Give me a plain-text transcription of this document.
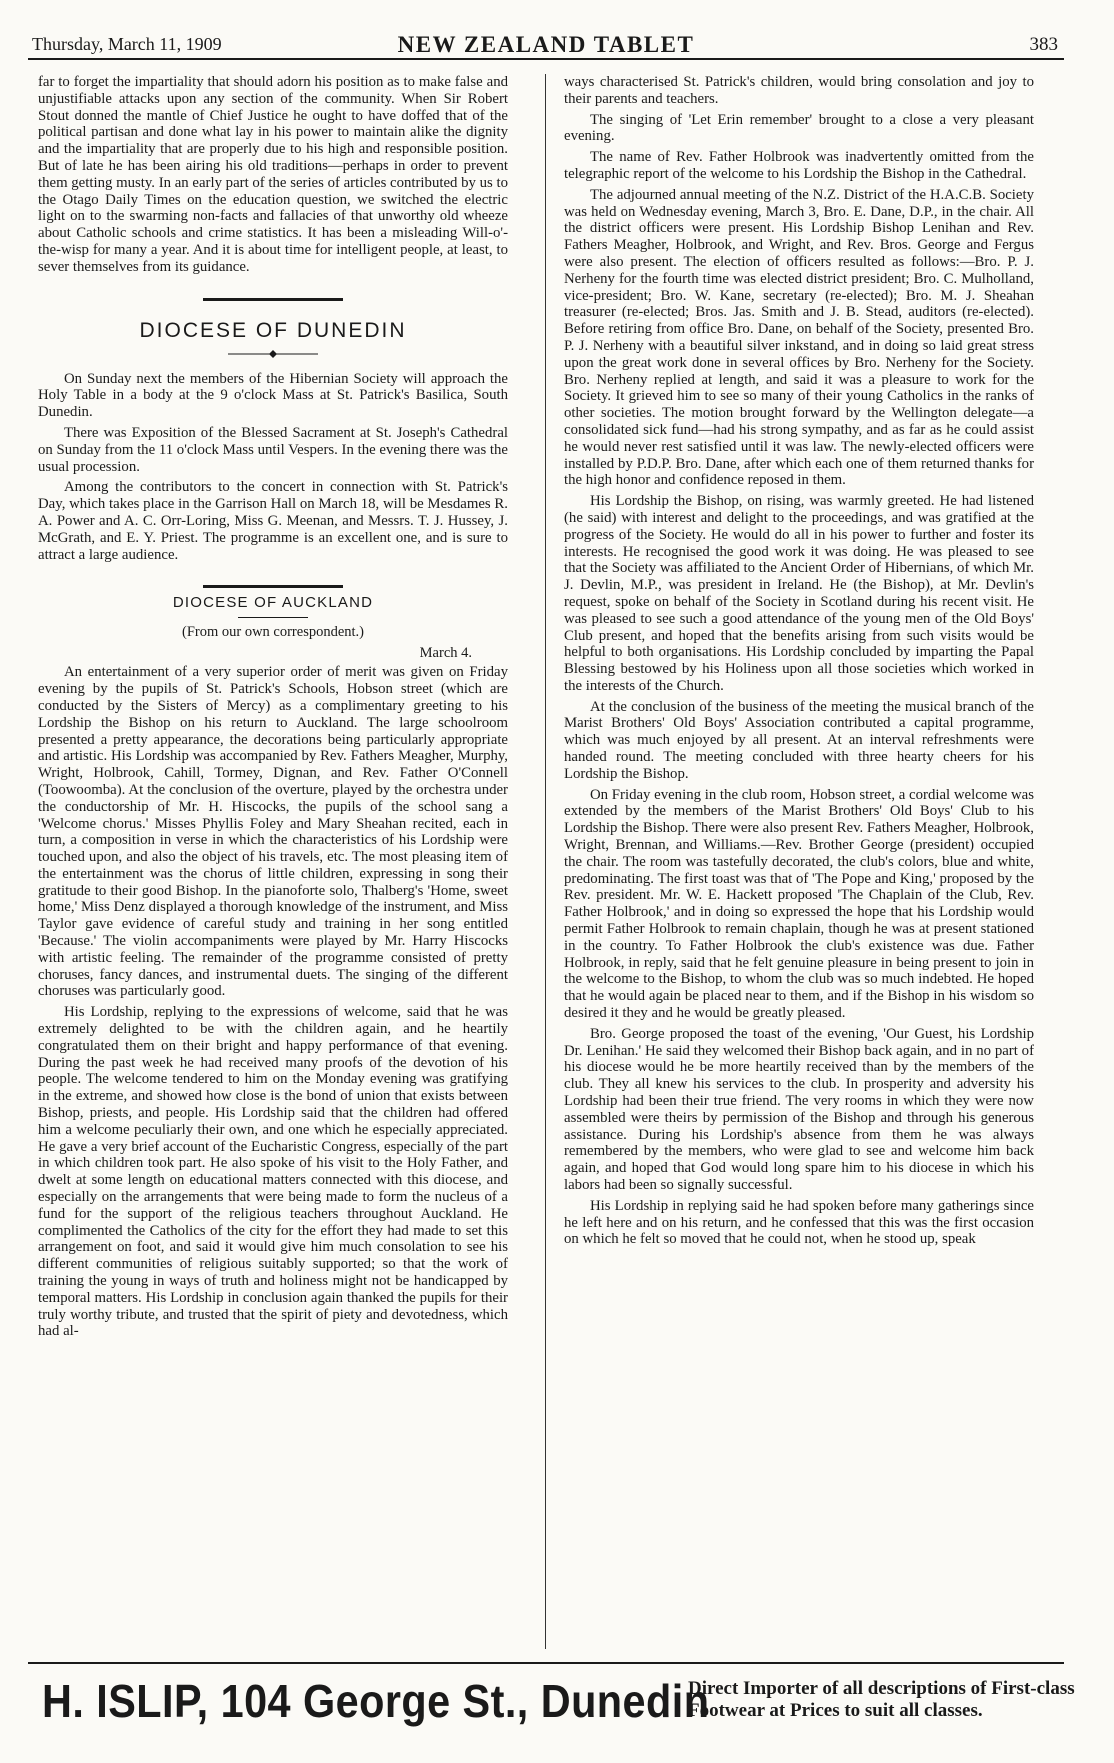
Thursday, March 11, 1909	NEW ZEALAND TABLET	383

far to forget the impartiality that should adorn his position as to make false and unjustifiable attacks upon any section of the community. When Sir Robert Stout donned the mantle of Chief Justice he ought to have doffed that of the political partisan and done what lay in his power to maintain alike the dignity and the impartiality that are properly due to his high and responsible position. But of late he has been airing his old traditions—perhaps in order to prevent them getting musty. In an early part of the series of articles contributed by us to the Otago Daily Times on the education question, we switched the electric light on to the swarming non-facts and fallacies of that unworthy old wheeze about Catholic schools and crime statistics. It has been a misleading Will-o'-the-wisp for many a year. And it is about time for intelligent people, at least, to sever themselves from its guidance.

DIOCESE OF DUNEDIN

On Sunday next the members of the Hibernian Society will approach the Holy Table in a body at the 9 o'clock Mass at St. Patrick's Basilica, South Dunedin.

There was Exposition of the Blessed Sacrament at St. Joseph's Cathedral on Sunday from the 11 o'clock Mass until Vespers. In the evening there was the usual procession.

Among the contributors to the concert in connection with St. Patrick's Day, which takes place in the Garrison Hall on March 18, will be Mesdames R. A. Power and A. C. Orr-Loring, Miss G. Meenan, and Messrs. T. J. Hussey, J. McGrath, and E. Y. Priest. The programme is an excellent one, and is sure to attract a large audience.

DIOCESE OF AUCKLAND
(From our own correspondent.)
March 4.

An entertainment of a very superior order of merit was given on Friday evening by the pupils of St. Patrick's Schools, Hobson street (which are conducted by the Sisters of Mercy) as a complimentary greeting to his Lordship the Bishop on his return to Auckland. The large schoolroom presented a pretty appearance, the decorations being particularly appropriate and artistic. His Lordship was accompanied by Rev. Fathers Meagher, Murphy, Wright, Holbrook, Cahill, Tormey, Dignan, and Rev. Father O'Connell (Toowoomba). At the conclusion of the overture, played by the orchestra under the conductorship of Mr. H. Hiscocks, the pupils of the school sang a 'Welcome chorus.' Misses Phyllis Foley and Mary Sheahan recited, each in turn, a composition in verse in which the characteristics of his Lordship were touched upon, and also the object of his travels, etc. The most pleasing item of the entertainment was the chorus of little children, expressing in song their gratitude to their good Bishop. In the pianoforte solo, Thalberg's 'Home, sweet home,' Miss Denz displayed a thorough knowledge of the instrument, and Miss Taylor gave evidence of careful study and training in her song entitled 'Because.' The violin accompaniments were played by Mr. Harry Hiscocks with artistic feeling. The remainder of the programme consisted of pretty choruses, fancy dances, and instrumental duets. The singing of the different choruses was particularly good.

His Lordship, replying to the expressions of welcome, said that he was extremely delighted to be with the children again, and he heartily congratulated them on their bright and happy performance of that evening. During the past week he had received many proofs of the devotion of his people. The welcome tendered to him on the Monday evening was gratifying in the extreme, and showed how close is the bond of union that exists between Bishop, priests, and people. His Lordship said that the children had offered him a welcome peculiarly their own, and one which he especially appreciated. He gave a very brief account of the Eucharistic Congress, especially of the part in which children took part. He also spoke of his visit to the Holy Father, and dwelt at some length on educational matters connected with this diocese, and especially on the arrangements that were being made to form the nucleus of a fund for the support of the religious teachers throughout Auckland. He complimented the Catholics of the city for the effort they had made to set this arrangement on foot, and said it would give him much consolation to see his different communities of religious suitably supported; so that the work of training the young in ways of truth and holiness might not be handicapped by temporal matters. His Lordship in conclusion again thanked the pupils for their truly worthy tribute, and trusted that the spirit of piety and devotedness, which had al-

ways characterised St. Patrick's children, would bring consolation and joy to their parents and teachers.

The singing of 'Let Erin remember' brought to a close a very pleasant evening.

The name of Rev. Father Holbrook was inadvertently omitted from the telegraphic report of the welcome to his Lordship the Bishop in the Cathedral.

The adjourned annual meeting of the N.Z. District of the H.A.C.B. Society was held on Wednesday evening, March 3, Bro. E. Dane, D.P., in the chair. All the district officers were present. His Lordship Bishop Lenihan and Rev. Fathers Meagher, Holbrook, and Wright, and Rev. Bros. George and Fergus were also present. The election of officers resulted as follows:—Bro. P. J. Nerheny for the fourth time was elected district president; Bro. C. Mulholland, vice-president; Bro. W. Kane, secretary (re-elected); Bro. M. J. Sheahan treasurer (re-elected; Bros. Jas. Smith and J. B. Stead, auditors (re-elected). Before retiring from office Bro. Dane, on behalf of the Society, presented Bro. P. J. Nerheny with a beautiful silver inkstand, and in doing so laid great stress upon the great work done in several offices by Bro. Nerheny for the Society. Bro. Nerheny replied at length, and said it was a pleasure to work for the Society. It grieved him to see so many of their young Catholics in the ranks of other societies. The motion brought forward by the Wellington delegate—a consolidated sick fund—had his strong sympathy, and as far as he could assist he would never rest satisfied until it was law. The newly-elected officers were installed by P.D.P. Bro. Dane, after which each one of them returned thanks for the high honor and confidence reposed in them.

His Lordship the Bishop, on rising, was warmly greeted. He had listened (he said) with interest and delight to the proceedings, and was gratified at the progress of the Society. He would do all in his power to further and foster its interests. He recognised the good work it was doing. He was pleased to see that the Society was affiliated to the Ancient Order of Hibernians, of which Mr. J. Devlin, M.P., was president in Ireland. He (the Bishop), at Mr. Devlin's request, spoke on behalf of the Society in Scotland during his recent visit. He was pleased to see such a good attendance of the young men of the Old Boys' Club present, and hoped that the benefits arising from such visits would be helpful to both organisations. His Lordship concluded by imparting the Papal Blessing bestowed by his Holiness upon all those societies which worked in the interests of the Church.

At the conclusion of the business of the meeting the musical branch of the Marist Brothers' Old Boys' Association contributed a capital programme, which was much enjoyed by all present. At an interval refreshments were handed round. The meeting concluded with three hearty cheers for his Lordship the Bishop.

On Friday evening in the club room, Hobson street, a cordial welcome was extended by the members of the Marist Brothers' Old Boys' Club to his Lordship the Bishop. There were also present Rev. Fathers Meagher, Holbrook, Wright, Brennan, and Williams.—Rev. Brother George (president) occupied the chair. The room was tastefully decorated, the club's colors, blue and white, predominating. The first toast was that of 'The Pope and King,' proposed by the Rev. president. Mr. W. E. Hackett proposed 'The Chaplain of the Club, Rev. Father Holbrook,' and in doing so expressed the hope that his Lordship would permit Father Holbrook to remain chaplain, though he was at present stationed in the country. To Father Holbrook the club's existence was due. Father Holbrook, in reply, said that he felt genuine pleasure in being present to join in the welcome to the Bishop, to whom the club was so much indebted. He hoped that he would again be placed near to them, and if the Bishop in his wisdom so desired it they and he would be greatly pleased.

Bro. George proposed the toast of the evening, 'Our Guest, his Lordship Dr. Lenihan.' He said they welcomed their Bishop back again, and in no part of his diocese would he be more heartily received than by the members of the club. They all knew his services to the club. In prosperity and adversity his Lordship had been their true friend. The very rooms in which they were now assembled were theirs by permission of the Bishop and through his generous assistance. During his Lordship's absence from them he was always remembered by the members, who were glad to see and welcome him back again, and hoped that God would long spare him to his diocese in which his labors had been so signally successful.

His Lordship in replying said he had spoken before many gatherings since he left here and on his return, and he confessed that this was the first occasion on which he felt so moved that he could not, when he stood up, speak

H. ISLIP, 104 George St., Dunedin
Direct Importer of all descriptions of First-class
Footwear at Prices to suit all classes.
